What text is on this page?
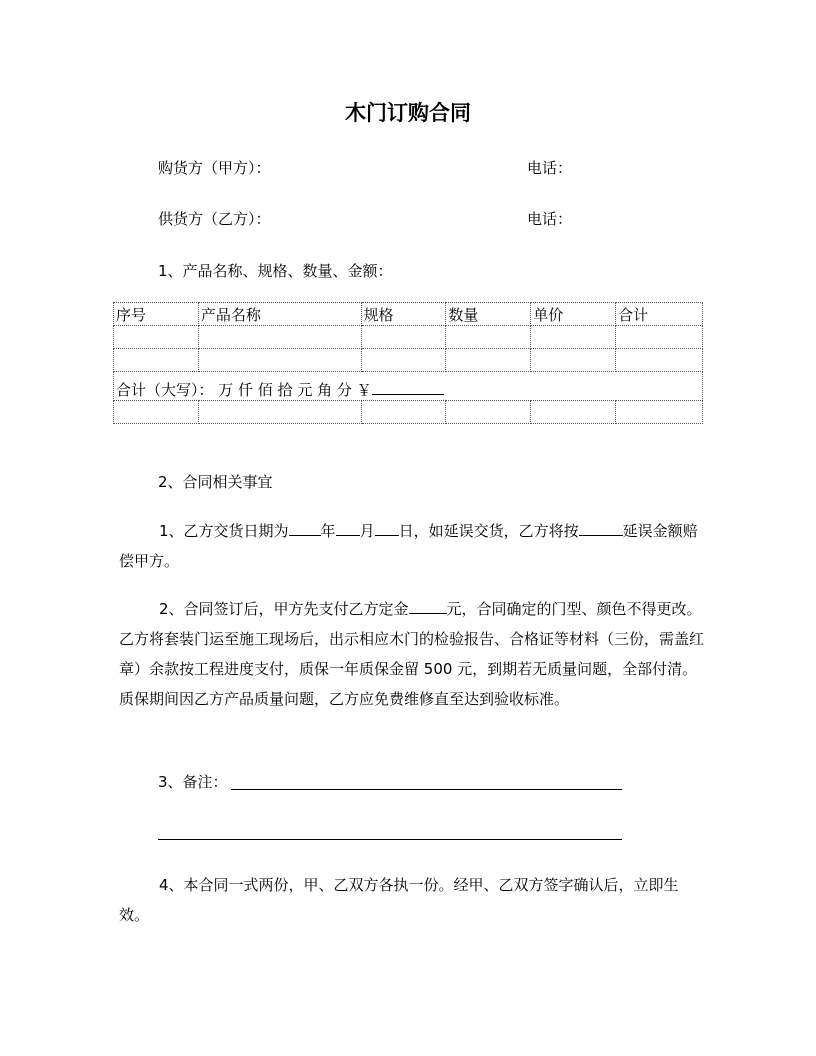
木门订购合同
购货方（甲方）：	电话：
供货方（乙方）：	电话：
1、产品名称、规格、数量、金额：
序号	产品名称	规格	数量	单价	合计

合计（大写）： 万 仟 佰 拾 元 角 分 ￥					

2、合同相关事宜
1、乙方交货日期为 年 月 日，如延误交货，乙方将按	延误金额赔偿甲方。
2、合同签订后，甲方先支付乙方定金	元，合同确定的门型、颜色不得更改。乙方将套装门运至施工现场后，出示相应木门的检验报告、合格证等材料（三份，需盖红章）余款按工程进度支付，质保一年质保金留 500 元，到期若无质量问题，全部付清。质保期间因乙方产品质量问题，乙方应免费维修直至达到验收标准。
3、备注：
4、本合同一式两份，甲、乙双方各执一份。经甲、乙双方签字确认后，立即生效。
